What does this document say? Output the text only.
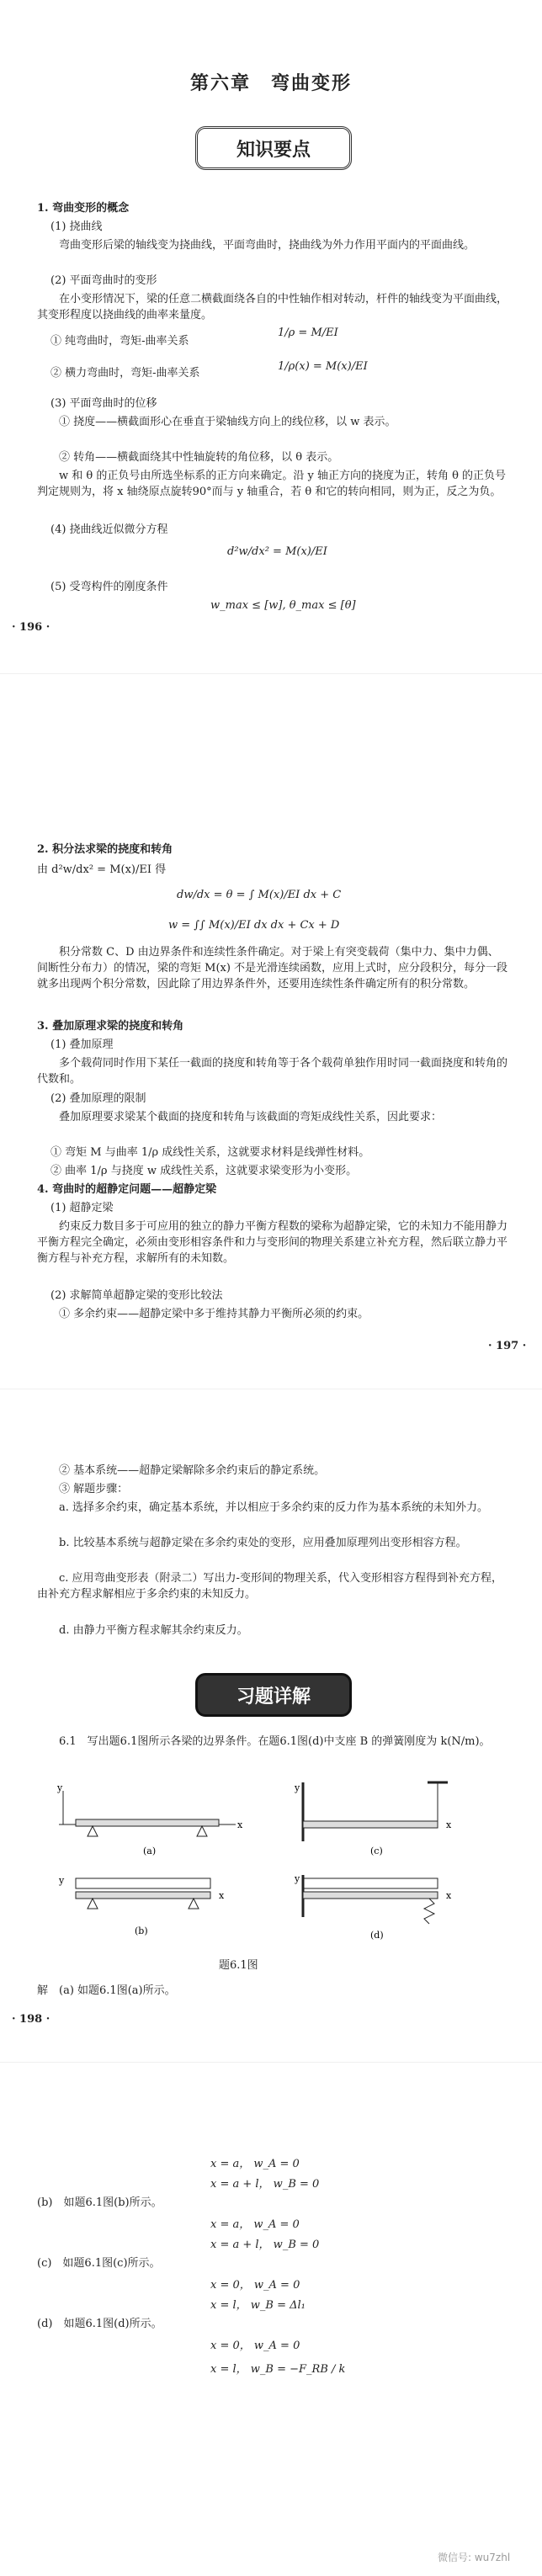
第六章　弯曲变形
知识要点
1. 弯曲变形的概念
(1) 挠曲线
弯曲变形后梁的轴线变为挠曲线，平面弯曲时，挠曲线为外力作用平面内的平面曲线。
(2) 平面弯曲时的变形
在小变形情况下，梁的任意二横截面绕各自的中性轴作相对转动，杆件的轴线变为平面曲线，其变形程度以挠曲线的曲率来量度。
① 纯弯曲时，弯矩-曲率关系
1/ρ = M/EI
② 横力弯曲时，弯矩-曲率关系
1/ρ(x) = M(x)/EI
(3) 平面弯曲时的位移
① 挠度——横截面形心在垂直于梁轴线方向上的线位移，以 w 表示。
② 转角——横截面绕其中性轴旋转的角位移，以 θ 表示。
w 和 θ 的正负号由所选坐标系的正方向来确定。沿 y 轴正方向的挠度为正，转角 θ 的正负号判定规则为，将 x 轴绕原点旋转90°而与 y 轴重合，若 θ 和它的转向相同，则为正，反之为负。
(4) 挠曲线近似微分方程
d²w/dx² = M(x)/EI
(5) 受弯构件的刚度条件
w_max ≤ [w], θ_max ≤ [θ]
· 196 ·
2. 积分法求梁的挠度和转角
由 d²w/dx² = M(x)/EI 得
dw/dx = θ = ∫ M(x)/EI dx + C
w = ∫∫ M(x)/EI dx dx + Cx + D
积分常数 C、D 由边界条件和连续性条件确定。对于梁上有突变载荷（集中力、集中力偶、间断性分布力）的情况，梁的弯矩 M(x) 不是光滑连续函数，应用上式时，应分段积分，每分一段就多出现两个积分常数，因此除了用边界条件外，还要用连续性条件确定所有的积分常数。
3. 叠加原理求梁的挠度和转角
(1) 叠加原理
多个载荷同时作用下某任一截面的挠度和转角等于各个载荷单独作用时同一截面挠度和转角的代数和。
(2) 叠加原理的限制
叠加原理要求梁某个截面的挠度和转角与该截面的弯矩成线性关系，因此要求：
① 弯矩 M 与曲率 1/ρ 成线性关系，这就要求材料是线弹性材料。
② 曲率 1/ρ 与挠度 w 成线性关系，这就要求梁变形为小变形。
4. 弯曲时的超静定问题——超静定梁
(1) 超静定梁
约束反力数目多于可应用的独立的静力平衡方程数的梁称为超静定梁，它的未知力不能用静力平衡方程完全确定，必须由变形相容条件和力与变形间的物理关系建立补充方程，然后联立静力平衡方程与补充方程，求解所有的未知数。
(2) 求解简单超静定梁的变形比较法
① 多余约束——超静定梁中多于维持其静力平衡所必须的约束。
· 197 ·
② 基本系统——超静定梁解除多余约束后的静定系统。
③ 解题步骤：
a. 选择多余约束，确定基本系统，并以相应于多余约束的反力作为基本系统的未知外力。
b. 比较基本系统与超静定梁在多余约束处的变形，应用叠加原理列出变形相容方程。
c. 应用弯曲变形表（附录二）写出力-变形间的物理关系，代入变形相容方程得到补充方程，由补充方程求解相应于多余约束的未知反力。
d. 由静力平衡方程求解其余约束反力。
习题详解
6.1　写出题6.1图所示各梁的边界条件。在题6.1图(d)中支座 B 的弹簧刚度为 k(N/m)。
y
x
(a)
y
x
(c)
y
x
(b)
y
x
(d)
题6.1图
解　(a) 如题6.1图(a)所示。
· 198 ·
x = a， w_A = 0
x = a + l， w_B = 0
(b)　如题6.1图(b)所示。
x = a， w_A = 0
x = a + l， w_B = 0
(c)　如题6.1图(c)所示。
x = 0， w_A = 0
x = l， w_B = Δl₁
(d)　如题6.1图(d)所示。
x = 0， w_A = 0
x = l， w_B = −F_RB / k
微信号: wu7zhl
